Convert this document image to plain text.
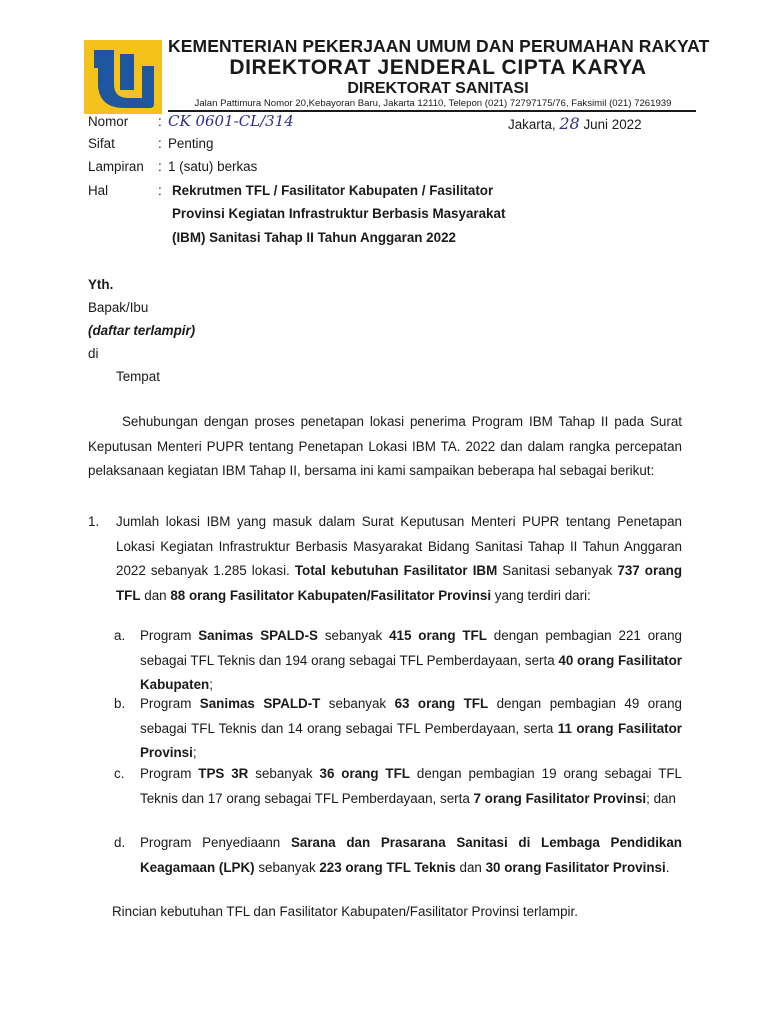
KEMENTERIAN PEKERJAAN UMUM DAN PERUMAHAN RAKYAT
DIREKTORAT JENDERAL CIPTA KARYA
DIREKTORAT SANITASI
Jalan Pattimura Nomor 20,Kebayoran Baru, Jakarta 12110, Telepon (021) 72797175/76, Faksimil (021) 7261939
Nomor : CK 0601-CL/314	Jakarta, 28 Juni 2022
Sifat	: Penting
Lampiran : 1 (satu) berkas
Hal	: Rekrutmen TFL / Fasilitator Kabupaten / Fasilitator
Provinsi Kegiatan Infrastruktur Berbasis Masyarakat
(IBM) Sanitasi Tahap II Tahun Anggaran 2022
Yth.
Bapak/Ibu
(daftar terlampir)
di
Tempat
Sehubungan dengan proses penetapan lokasi penerima Program IBM Tahap II pada Surat Keputusan Menteri PUPR tentang Penetapan Lokasi IBM TA. 2022 dan dalam rangka percepatan pelaksanaan kegiatan IBM Tahap II, bersama ini kami sampaikan beberapa hal sebagai berikut:
1. Jumlah lokasi IBM yang masuk dalam Surat Keputusan Menteri PUPR tentang Penetapan Lokasi Kegiatan Infrastruktur Berbasis Masyarakat Bidang Sanitasi Tahap II Tahun Anggaran 2022 sebanyak 1.285 lokasi. Total kebutuhan Fasilitator IBM Sanitasi sebanyak 737 orang TFL dan 88 orang Fasilitator Kabupaten/Fasilitator Provinsi yang terdiri dari:
a. Program Sanimas SPALD-S sebanyak 415 orang TFL dengan pembagian 221 orang sebagai TFL Teknis dan 194 orang sebagai TFL Pemberdayaan, serta 40 orang Fasilitator Kabupaten;
b. Program Sanimas SPALD-T sebanyak 63 orang TFL dengan pembagian 49 orang sebagai TFL Teknis dan 14 orang sebagai TFL Pemberdayaan, serta 11 orang Fasilitator Provinsi;
c. Program TPS 3R sebanyak 36 orang TFL dengan pembagian 19 orang sebagai TFL Teknis dan 17 orang sebagai TFL Pemberdayaan, serta 7 orang Fasilitator Provinsi; dan
d. Program Penyediaann Sarana dan Prasarana Sanitasi di Lembaga Pendidikan Keagamaan (LPK) sebanyak 223 orang TFL Teknis dan 30 orang Fasilitator Provinsi.
Rincian kebutuhan TFL dan Fasilitator Kabupaten/Fasilitator Provinsi terlampir.
